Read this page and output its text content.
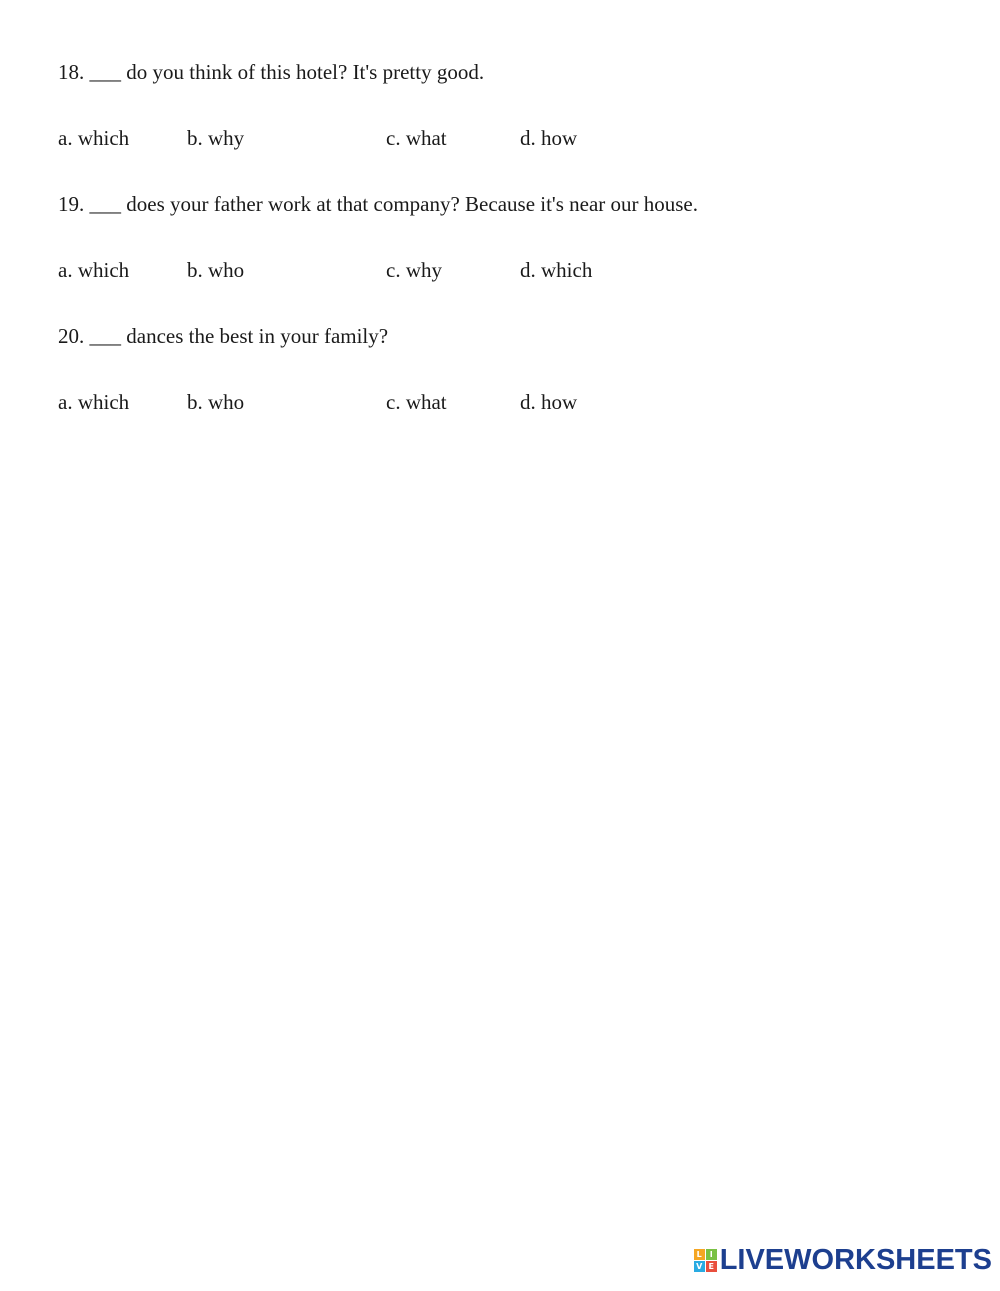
18. ___ do you think of this hotel? It's pretty good.

a. which	b. why	c. what	d. how

19. ___ does your father work at that company? Because it's near our house.

a. which	b. who	c. why	d. which

20. ___ dances the best in your family?

a. which	b. who	c. what	d. how
L I
V E LIVEWORKSHEETS
